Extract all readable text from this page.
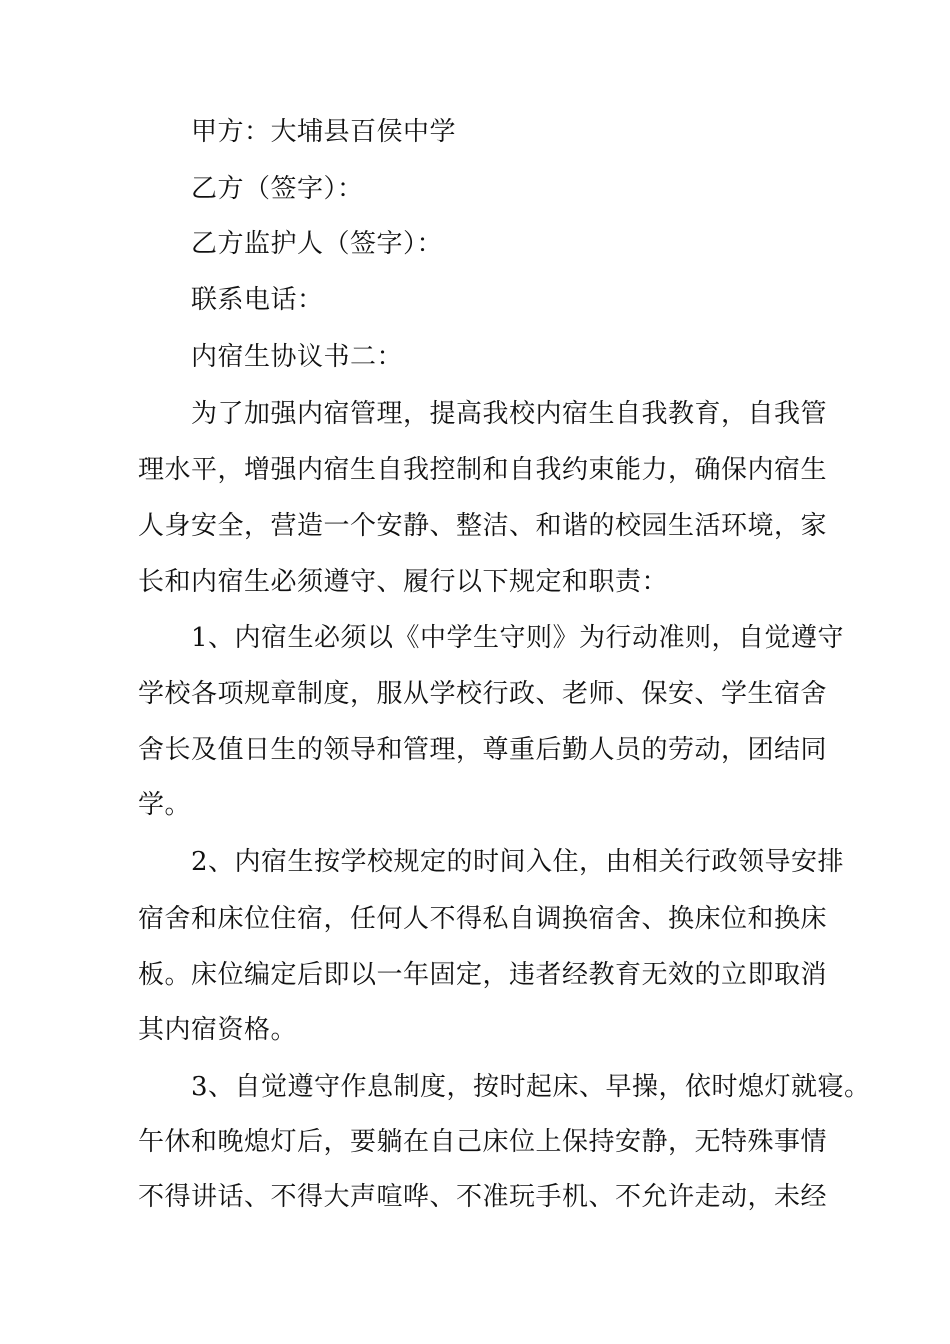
甲方：大埔县百侯中学
乙方（签字）：
乙方监护人（签字）：
联系电话：
内宿生协议书二：
为了加强内宿管理，提高我校内宿生自我教育，自我管
理水平，增强内宿生自我控制和自我约束能力，确保内宿生
人身安全，营造一个安静、整洁、和谐的校园生活环境，家
长和内宿生必须遵守、履行以下规定和职责：
1、内宿生必须以《中学生守则》为行动准则，自觉遵守
学校各项规章制度，服从学校行政、老师、保安、学生宿舍
舍长及值日生的领导和管理，尊重后勤人员的劳动，团结同
学。
2、内宿生按学校规定的时间入住，由相关行政领导安排
宿舍和床位住宿，任何人不得私自调换宿舍、换床位和换床
板。床位编定后即以一年固定，违者经教育无效的立即取消
其内宿资格。
3、自觉遵守作息制度，按时起床、早操，依时熄灯就寝。
午休和晚熄灯后，要躺在自己床位上保持安静，无特殊事情
不得讲话、不得大声喧哗、不准玩手机、不允许走动，未经
